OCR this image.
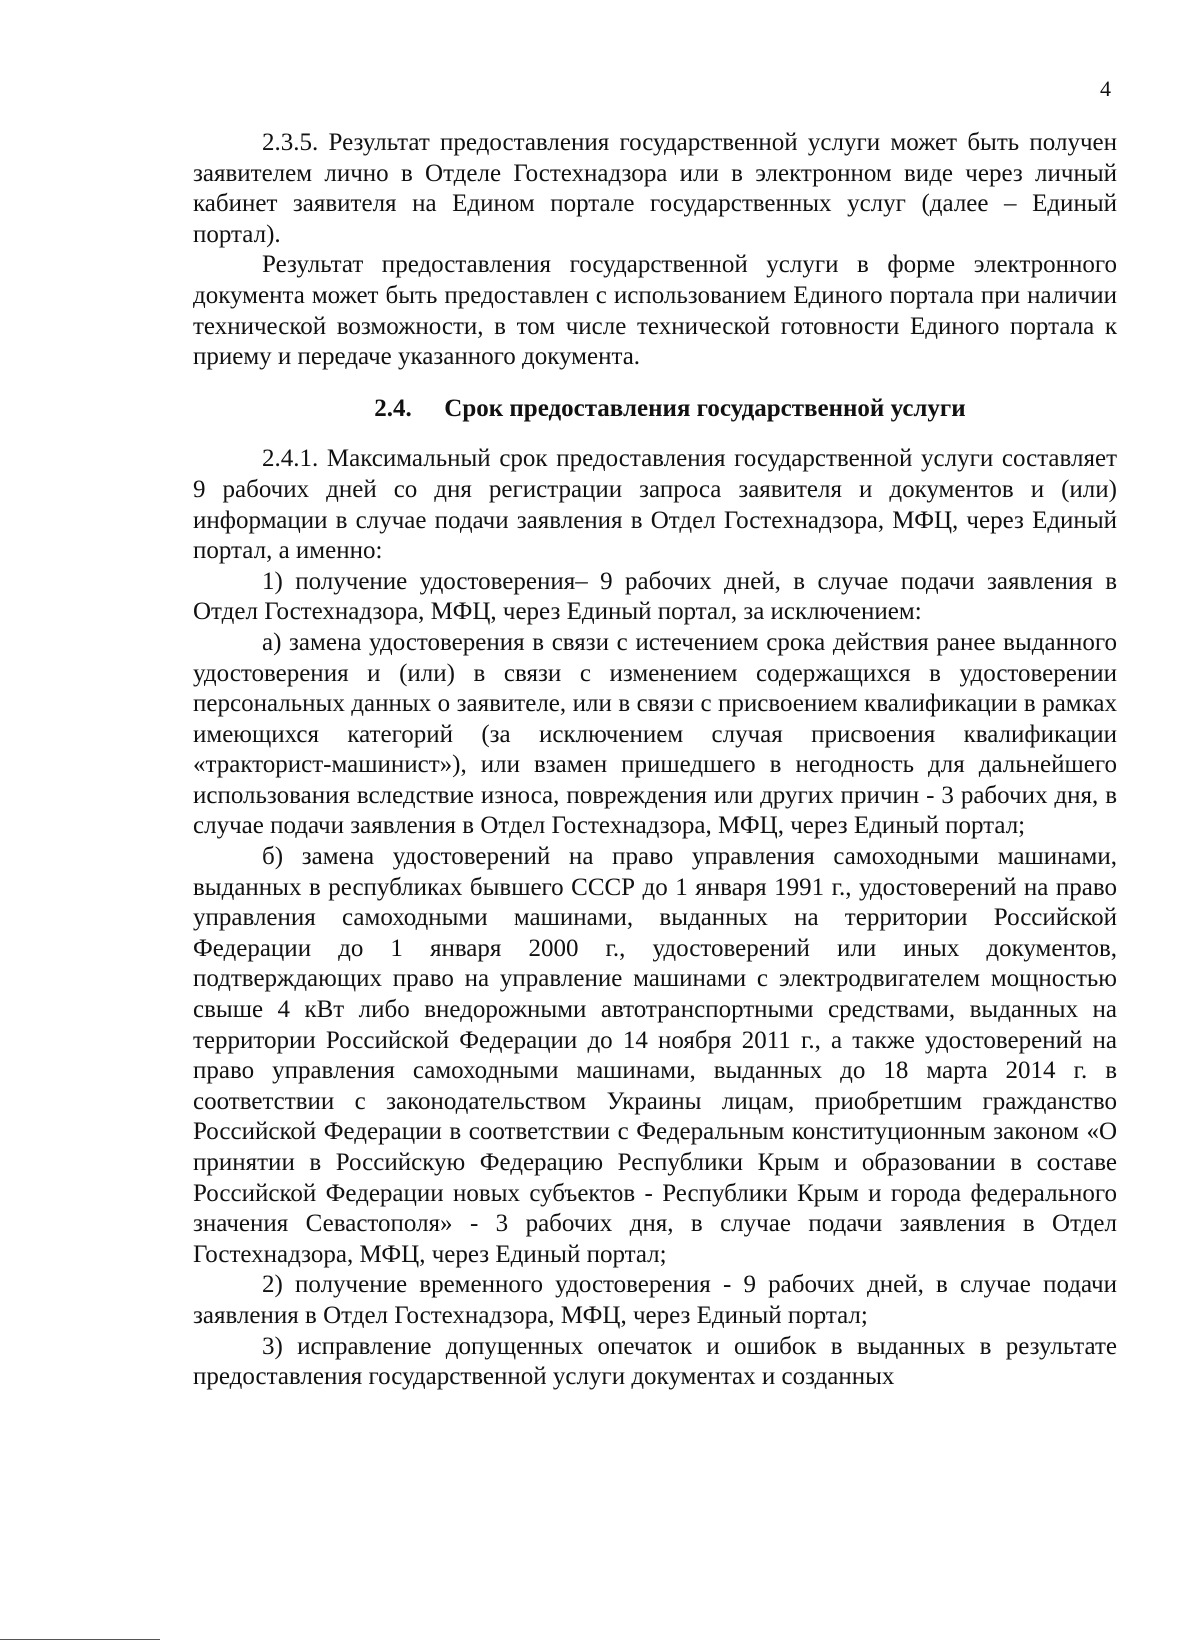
4

2.3.5. Результат предоставления государственной услуги может быть получен заявителем лично в Отделе Гостехнадзора или в электронном виде через личный кабинет заявителя на Едином портале государственных услуг (далее – Единый портал).

Результат предоставления государственной услуги в форме электронного документа может быть предоставлен с использованием Единого портала при наличии технической возможности, в том числе технической готовности Единого портала к приему и передаче указанного документа.

2.4. Срок предоставления государственной услуги

2.4.1. Максимальный срок предоставления государственной услуги составляет 9 рабочих дней со дня регистрации запроса заявителя и документов и (или) информации в случае подачи заявления в Отдел Гостехнадзора, МФЦ, через Единый портал, а именно:

1) получение удостоверения– 9 рабочих дней, в случае подачи заявления в Отдел Гостехнадзора, МФЦ, через Единый портал, за исключением:

а) замена удостоверения в связи с истечением срока действия ранее выданного удостоверения и (или) в связи с изменением содержащихся в удостоверении персональных данных о заявителе, или в связи с присвоением квалификации в рамках имеющихся категорий (за исключением случая присвоения квалификации «тракторист-машинист»), или взамен пришедшего в негодность для дальнейшего использования вследствие износа, повреждения или других причин - 3 рабочих дня, в случае подачи заявления в Отдел Гостехнадзора, МФЦ, через Единый портал;

б) замена удостоверений на право управления самоходными машинами, выданных в республиках бывшего СССР до 1 января 1991 г., удостоверений на право управления самоходными машинами, выданных на территории Российской Федерации до 1 января 2000 г., удостоверений или иных документов, подтверждающих право на управление машинами с электродвигателем мощностью свыше 4 кВт либо внедорожными автотранспортными средствами, выданных на территории Российской Федерации до 14 ноября 2011 г., а также удостоверений на право управления самоходными машинами, выданных до 18 марта 2014 г. в соответствии с законодательством Украины лицам, приобретшим гражданство Российской Федерации в соответствии с Федеральным конституционным законом «О принятии в Российскую Федерацию Республики Крым и образовании в составе Российской Федерации новых субъектов - Республики Крым и города федерального значения Севастополя» - 3 рабочих дня, в случае подачи заявления в Отдел Гостехнадзора, МФЦ, через Единый портал;

2) получение временного удостоверения - 9 рабочих дней, в случае подачи заявления в Отдел Гостехнадзора, МФЦ, через Единый портал;

3) исправление допущенных опечаток и ошибок в выданных в результате предоставления государственной услуги документах и созданных
